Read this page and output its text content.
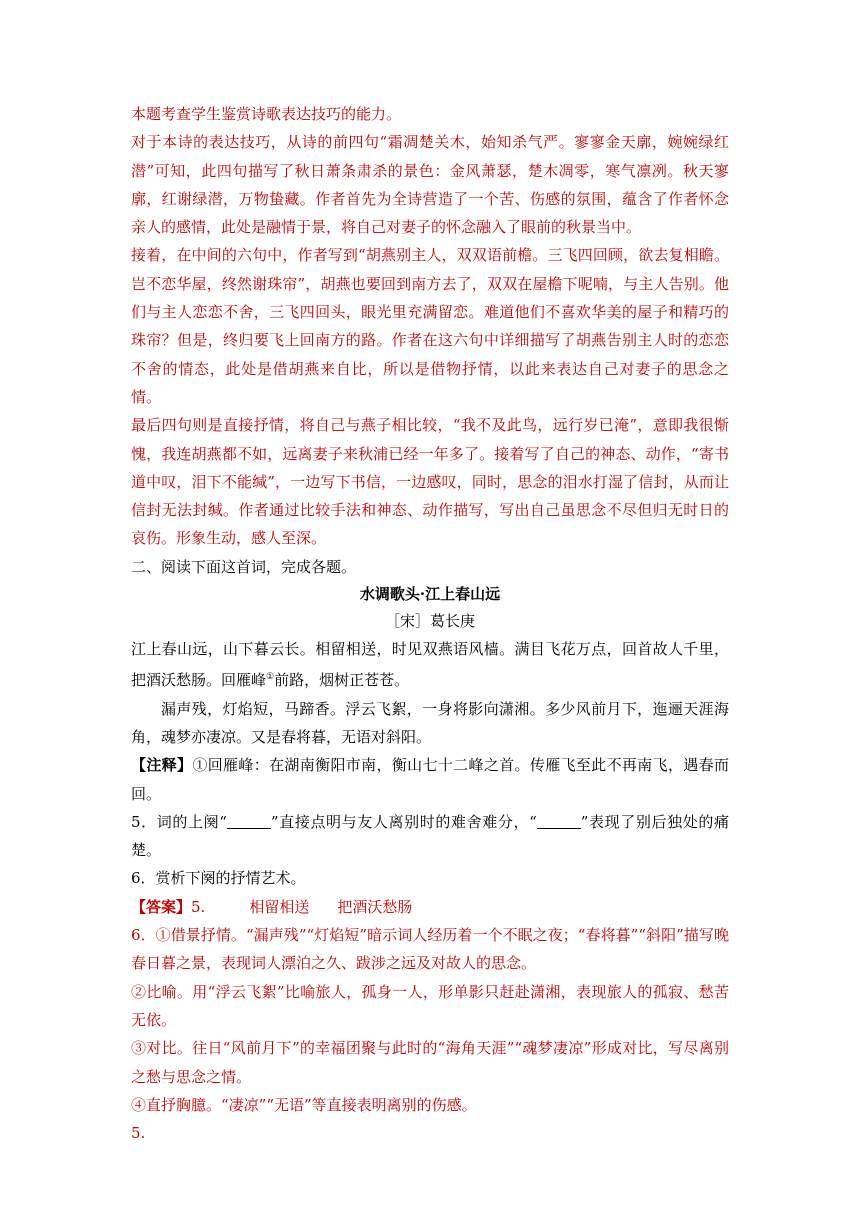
本题考查学生鉴赏诗歌表达技巧的能力。

对于本诗的表达技巧，从诗的前四句“霜凋楚关木，始知杀气严。寥寥金天廓，婉婉绿红潜”可知，此四句描写了秋日萧条肃杀的景色：金风萧瑟，楚木凋零，寒气凛冽。秋天寥廓，红谢绿潜，万物蛰藏。作者首先为全诗营造了一个苦、伤感的氛围，蕴含了作者怀念亲人的感情，此处是融情于景，将自己对妻子的怀念融入了眼前的秋景当中。

接着，在中间的六句中，作者写到“胡燕别主人，双双语前檐。三飞四回顾，欲去复相瞻。岂不恋华屋，终然谢珠帘”，胡燕也要回到南方去了，双双在屋檐下呢喃，与主人告别。他们与主人恋恋不舍，三飞四回头，眼光里充满留恋。难道他们不喜欢华美的屋子和精巧的珠帘？但是，终归要飞上回南方的路。作者在这六句中详细描写了胡燕告别主人时的恋恋不舍的情态，此处是借胡燕来自比，所以是借物抒情，以此来表达自己对妻子的思念之情。

最后四句则是直接抒情，将自己与燕子相比较，“我不及此鸟，远行岁已淹”，意即我很惭愧，我连胡燕都不如，远离妻子来秋浦已经一年多了。接着写了自己的神态、动作，“寄书道中叹，泪下不能缄”，一边写下书信，一边感叹，同时，思念的泪水打湿了信封，从而让信封无法封缄。作者通过比较手法和神态、动作描写，写出自己虽思念不尽但归无时日的哀伤。形象生动，感人至深。

二、阅读下面这首词，完成各题。

水调歌头·江上春山远

［宋］葛长庚

江上春山远，山下暮云长。相留相送，时见双燕语风樯。满目飞花万点，回首故人千里，把酒沃愁肠。回雁峰①前路，烟树正苍苍。

漏声残，灯焰短，马蹄香。浮云飞絮，一身将影向潇湘。多少风前月下，迤逦天涯海角，魂梦亦凄凉。又是春将暮，无语对斜阳。

【注释】①回雁峰：在湖南衡阳市南，衡山七十二峰之首。传雁飞至此不再南飞，遇春而回。

5．词的上阕“	”直接点明与友人离别时的难舍难分，“	”表现了别后独处的痛楚。

6．赏析下阕的抒情艺术。

【答案】5.	相留相送 把酒沃愁肠

6．①借景抒情。“漏声残”“灯焰短”暗示词人经历着一个不眠之夜；“春将暮”“斜阳”描写晚春日暮之景，表现词人漂泊之久、跋涉之远及对故人的思念。

②比喻。用“浮云飞絮”比喻旅人，孤身一人，形单影只赶赴潇湘，表现旅人的孤寂、愁苦无依。

③对比。往日“风前月下”的幸福团聚与此时的“海角天涯”“魂梦凄凉”形成对比，写尽离别之愁与思念之情。

④直抒胸臆。“凄凉”“无语”等直接表明离别的伤感。

5.
